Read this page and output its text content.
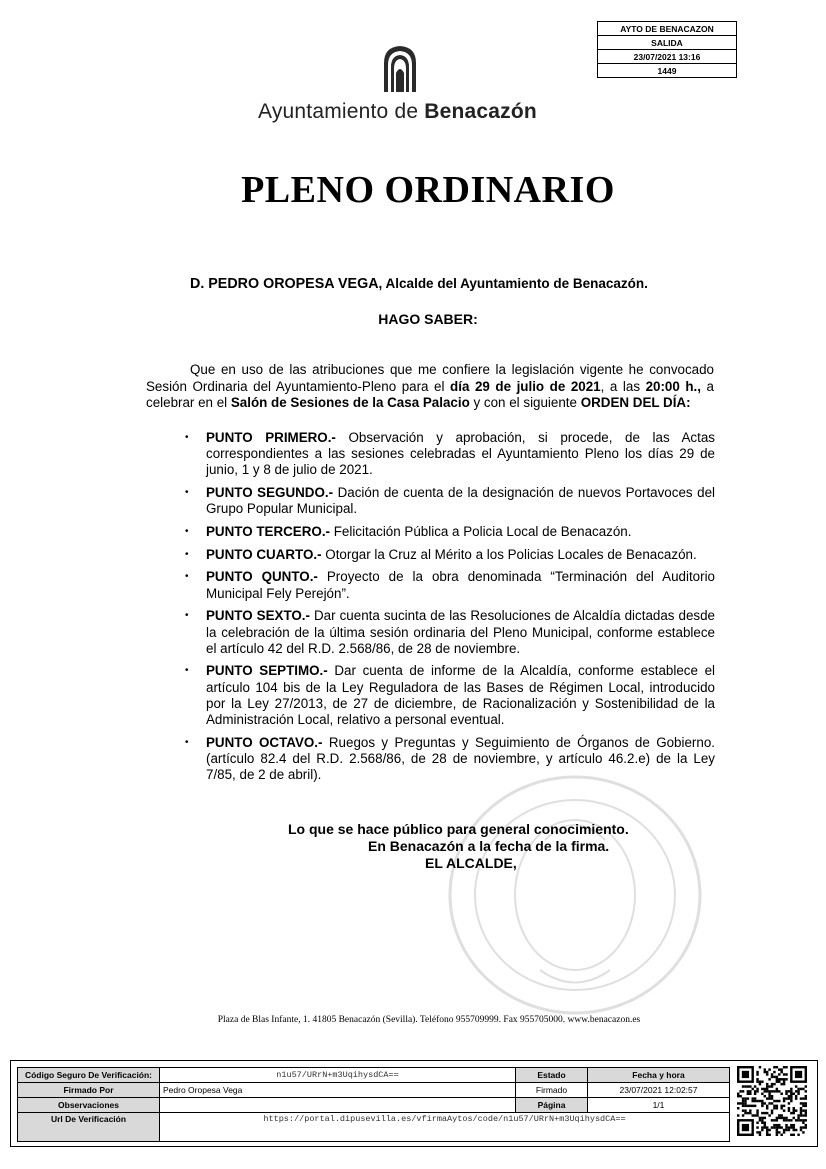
AYTO DE BENACAZON
SALIDA
23/07/2021 13:16
1449
Ayuntamiento de Benacazón
PLENO ORDINARIO
D. PEDRO OROPESA VEGA, Alcalde del Ayuntamiento de Benacazón.
HAGO SABER:
Que en uso de las atribuciones que me confiere la legislación vigente he convocado Sesión Ordinaria del Ayuntamiento-Pleno para el día 29 de julio de 2021, a las 20:00 h., a celebrar en el Salón de Sesiones de la Casa Palacio y con el siguiente ORDEN DEL DÍA:
• PUNTO PRIMERO.- Observación y aprobación, si procede, de las Actas correspondientes a las sesiones celebradas el Ayuntamiento Pleno los días 29 de junio, 1 y 8 de julio de 2021.
• PUNTO SEGUNDO.- Dación de cuenta de la designación de nuevos Portavoces del Grupo Popular Municipal.
• PUNTO TERCERO.- Felicitación Pública a Policia Local de Benacazón.
• PUNTO CUARTO.- Otorgar la Cruz al Mérito a los Policias Locales de Benacazón.
• PUNTO QUNTO.- Proyecto de la obra denominada “Terminación del Auditorio Municipal Fely Perejón”.
• PUNTO SEXTO.- Dar cuenta sucinta de las Resoluciones de Alcaldía dictadas desde la celebración de la última sesión ordinaria del Pleno Municipal, conforme establece el artículo 42 del R.D. 2.568/86, de 28 de noviembre.
• PUNTO SEPTIMO.- Dar cuenta de informe de la Alcaldía, conforme establece el artículo 104 bis de la Ley Reguladora de las Bases de Régimen Local, introducido por la Ley 27/2013, de 27 de diciembre, de Racionalización y Sostenibilidad de la Administración Local, relativo a personal eventual.
• PUNTO OCTAVO.- Ruegos y Preguntas y Seguimiento de Órganos de Gobierno. (artículo 82.4 del R.D. 2.568/86, de 28 de noviembre, y artículo 46.2.e) de la Ley 7/85, de 2 de abril).
Lo que se hace público para general conocimiento.
En Benacazón a la fecha de la firma.
EL ALCALDE,
Plaza de Blas Infante, 1. 41805 Benacazón (Sevilla). Teléfono 955709999. Fax 955705000. www.benacazon.es
Código Seguro De Verificación:	n1u57/URrN+m3UqihysdCA==	Estado	Fecha y hora
Firmado Por	Pedro Oropesa Vega	Firmado	23/07/2021 12:02:57
Observaciones		Página	1/1
Url De Verificación	https://portal.dipusevilla.es/vfirmaAytos/code/n1u57/URrN+m3UqihysdCA==		
